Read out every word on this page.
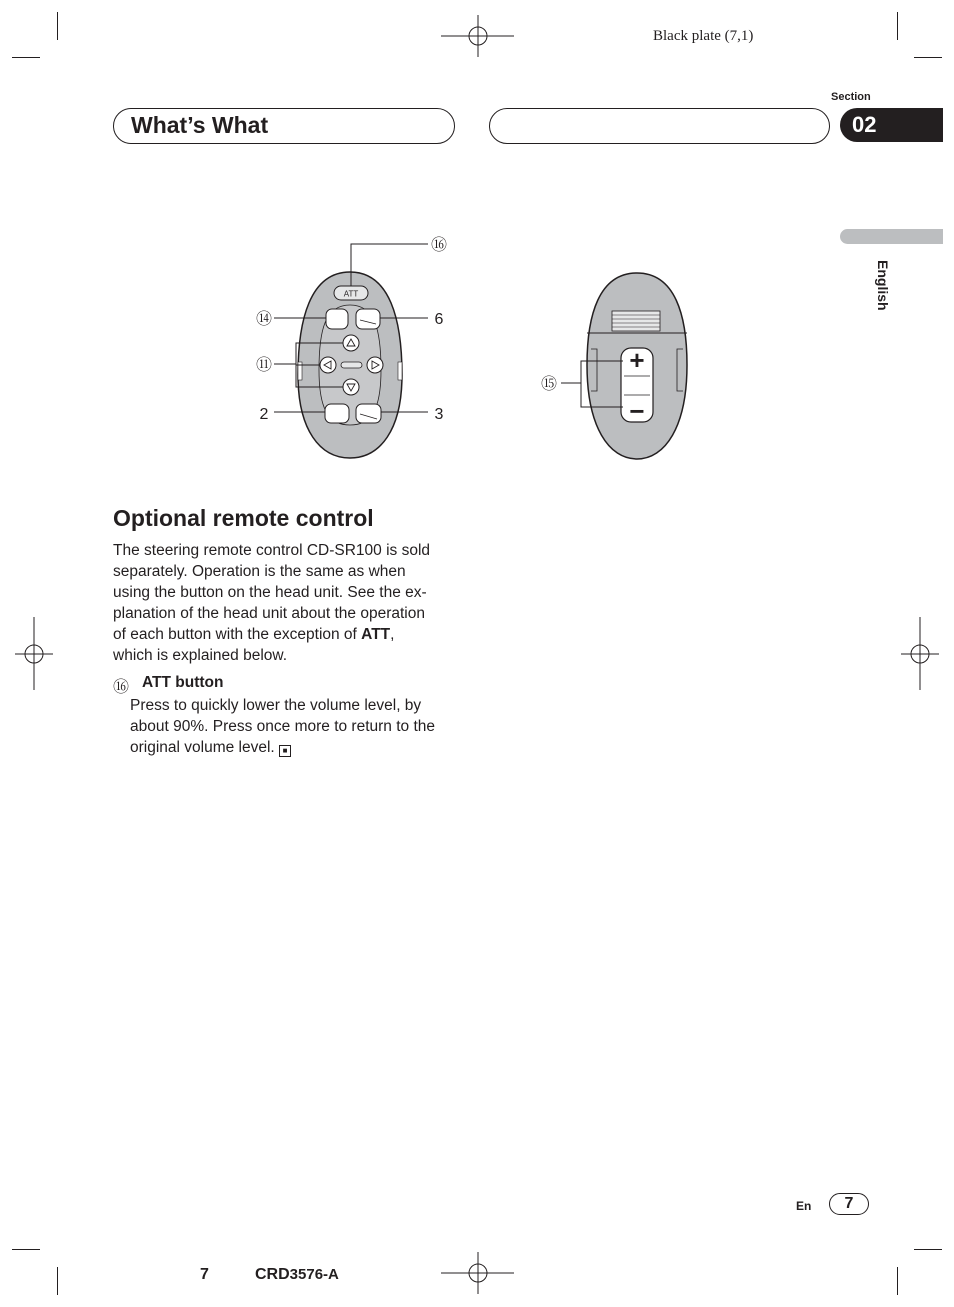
Black plate (7,1)
Section
What’s What	02
English
ATT
⑯
⑭	6
⑪
2	3
+
−
⑮
Optional remote control

The steering remote control CD-SR100 is sold

separately. Operation is the same as when

using the button on the head unit. See the ex-

planation of the head unit about the operation

of each button with the exception of ATT,

which is explained below.

⑯ ATT button

Press to quickly lower the volume level, by

about 90%. Press once more to return to the

original volume level. ■

En	7
7	CRD3576-A
